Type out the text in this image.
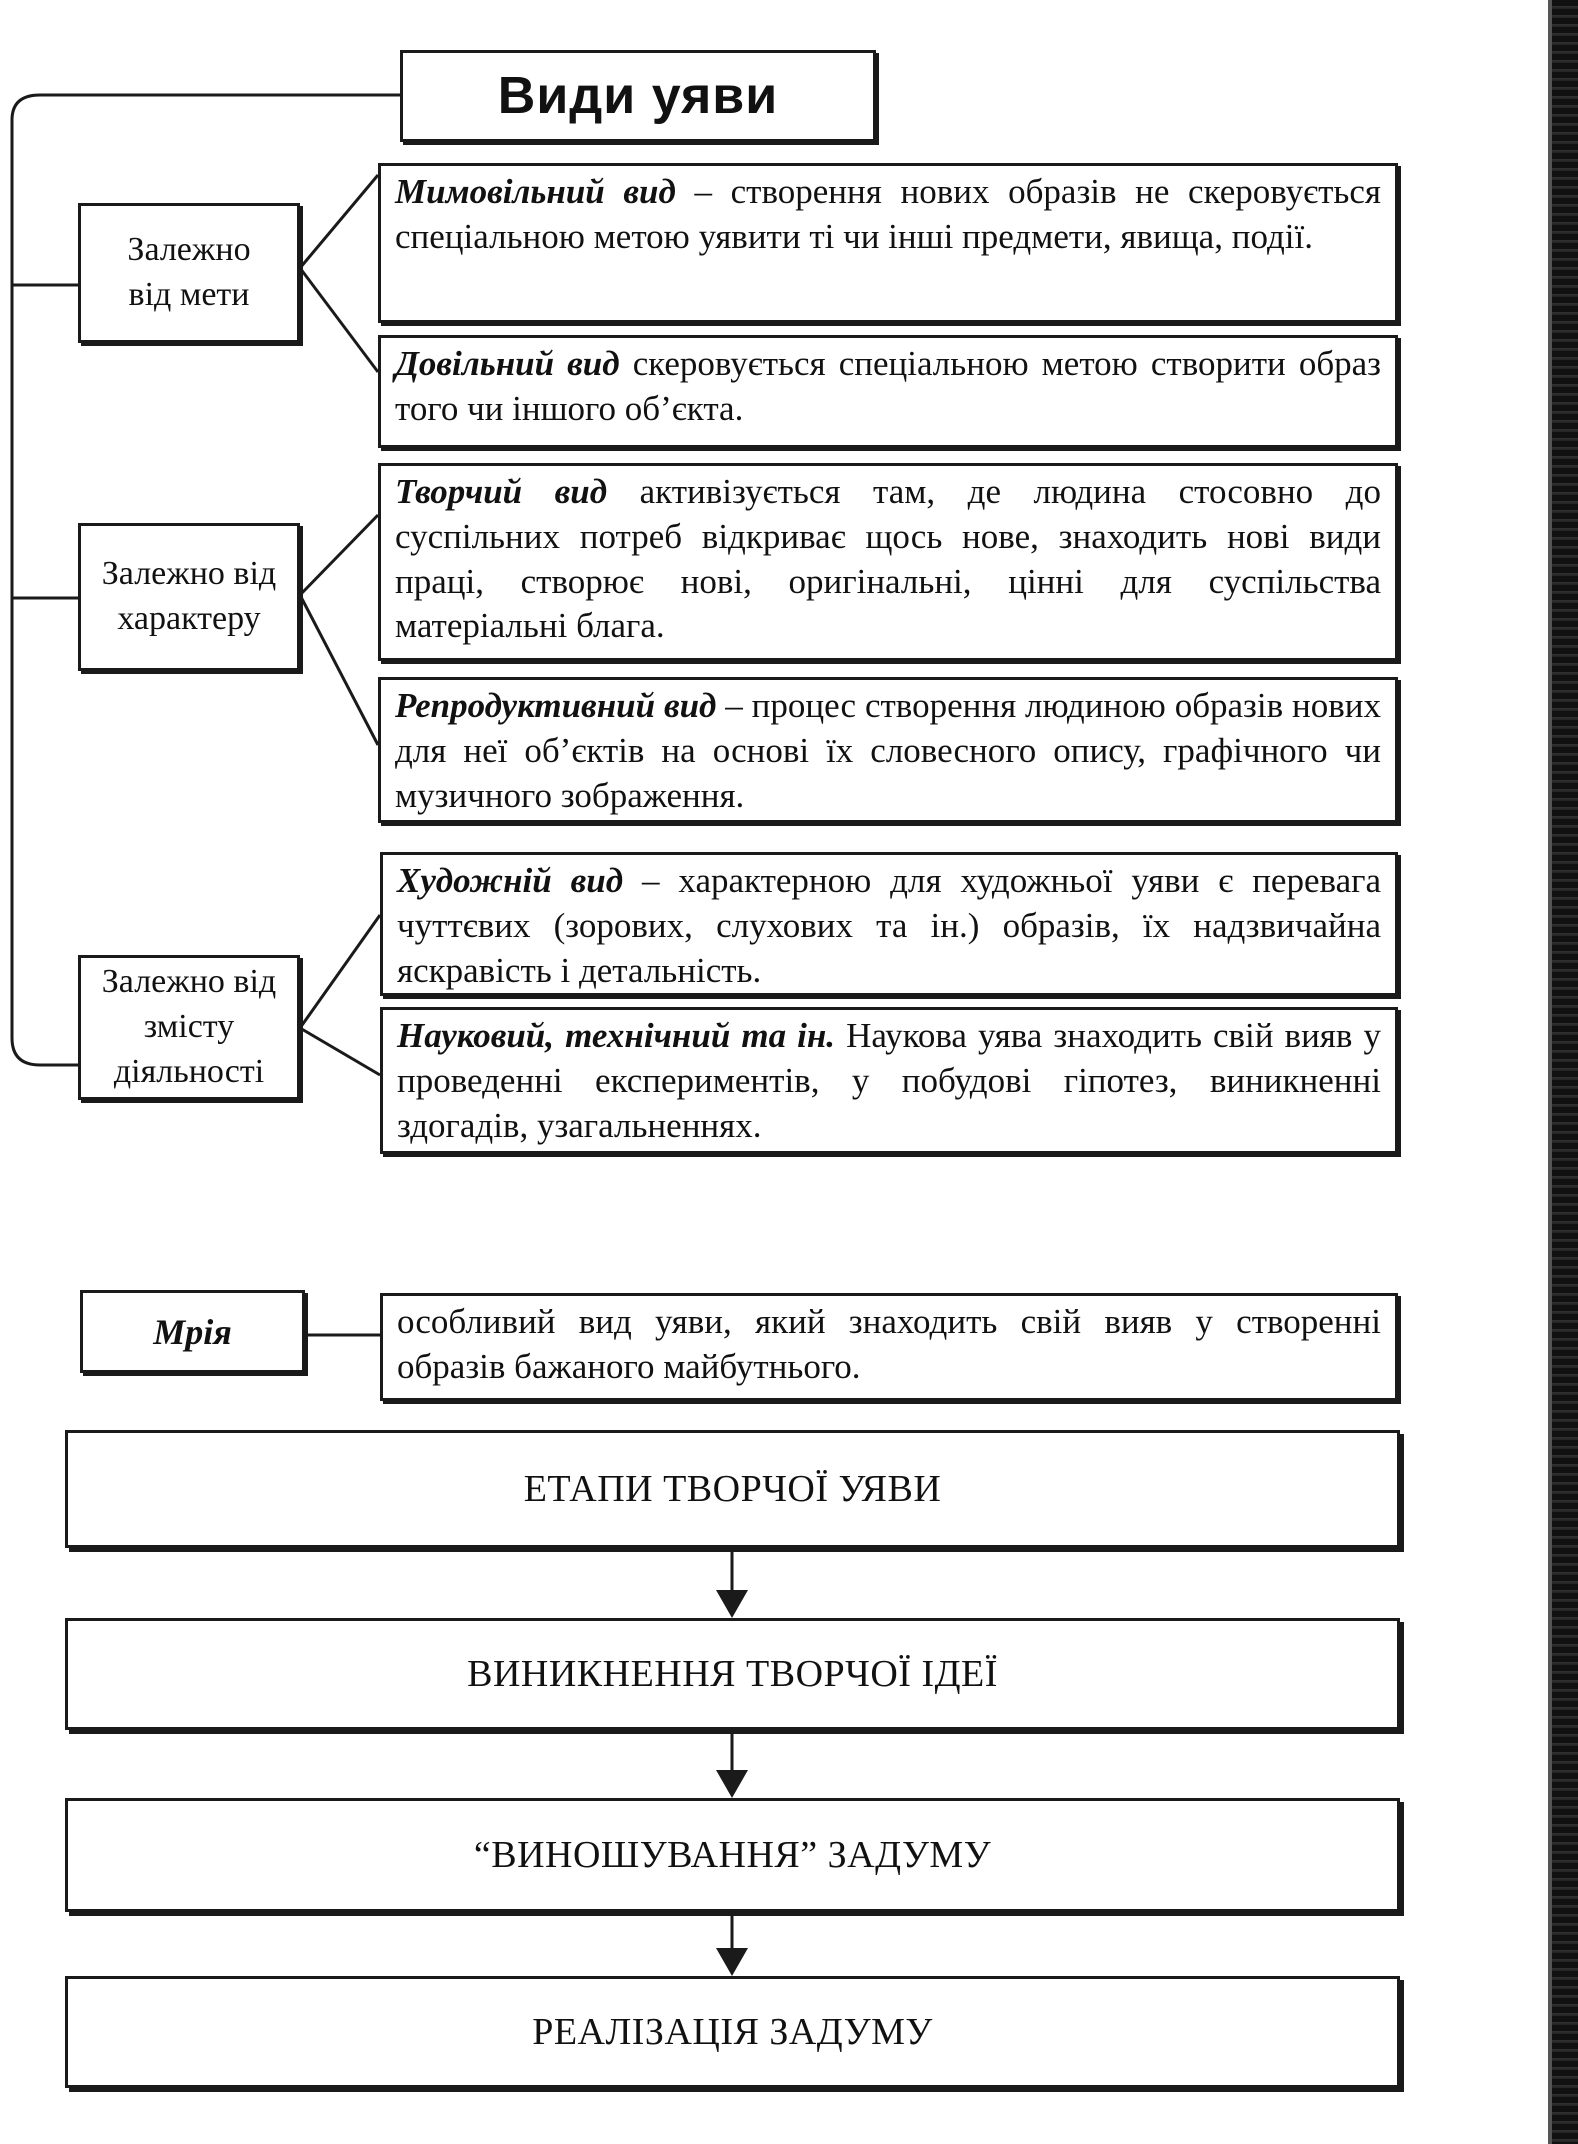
Види уяви
Залежно від мети
Залежно від характеру
Залежно від змісту діяльності
Мимовільний вид – створення нових образів не скеровується спеціальною метою уявити ті чи інші предмети, явища, події.
Довільний вид скеровується спеціальною метою створити образ того чи іншого об’єкта.
Творчий вид активізується там, де людина стосовно до суспільних потреб відкриває щось нове, знаходить нові види праці, створює нові, оригінальні, цінні для суспільства матеріальні блага.
Репродуктивний вид – процес створення людиною образів нових для неї об’єктів на основі їх словесного опису, графічного чи музичного зображення.
Художній вид – характерною для художньої уяви є перевага чуттєвих (зорових, слухових та ін.) образів, їх надзвичайна яскравість і детальність.
Науковий, технічний та ін. Наукова уява знаходить свій вияв у проведенні експериментів, у побудові гіпотез, виникненні здогадів, узагальненнях.
Мрія	особливий вид уяви, який знаходить свій вияв у створенні образів бажаного майбутнього.
ЕТАПИ ТВОРЧОЇ УЯВИ
ВИНИКНЕННЯ ТВОРЧОЇ ІДЕЇ
“ВИНОШУВАННЯ” ЗАДУМУ
РЕАЛІЗАЦІЯ ЗАДУМУ
